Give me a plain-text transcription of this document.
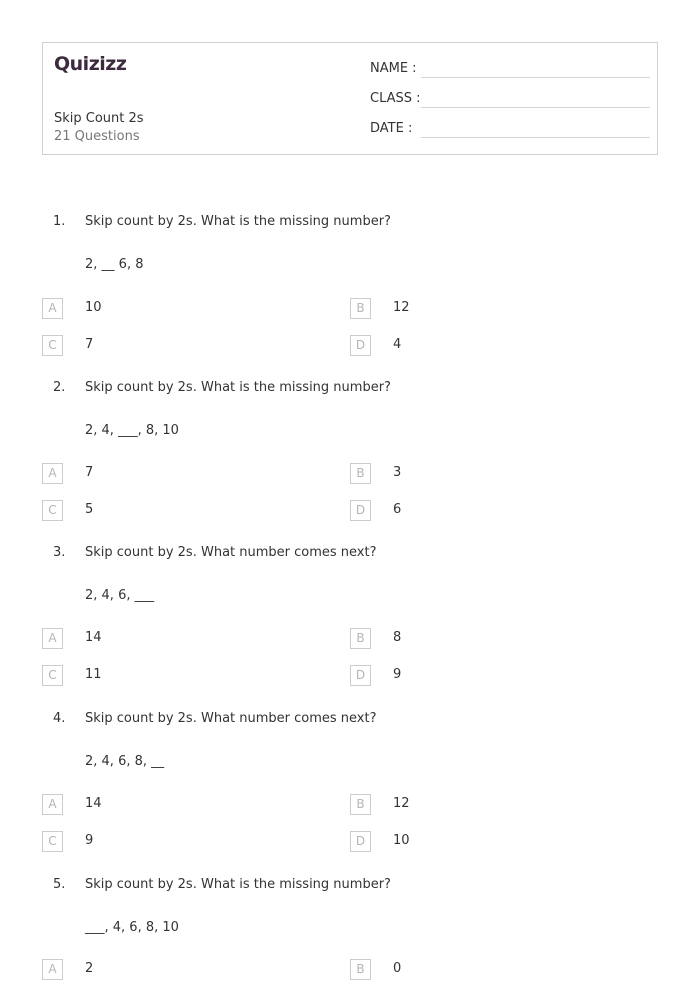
Quizizz
Skip Count 2s
21 Questions
NAME :
CLASS :
DATE :
1. Skip count by 2s. What is the missing number?
2, __ 6, 8
A	10	B	12
C	7	D	4
2. Skip count by 2s. What is the missing number?
2, 4, ___, 8, 10
A	7	B	3
C	5	D	6
3. Skip count by 2s. What number comes next?
2, 4, 6, ___
A	14	B	8
C	11	D	9
4. Skip count by 2s. What number comes next?
2, 4, 6, 8, __
A	14	B	12
C	9	D	10
5. Skip count by 2s. What is the missing number?
___, 4, 6, 8, 10
A	2	B	0
